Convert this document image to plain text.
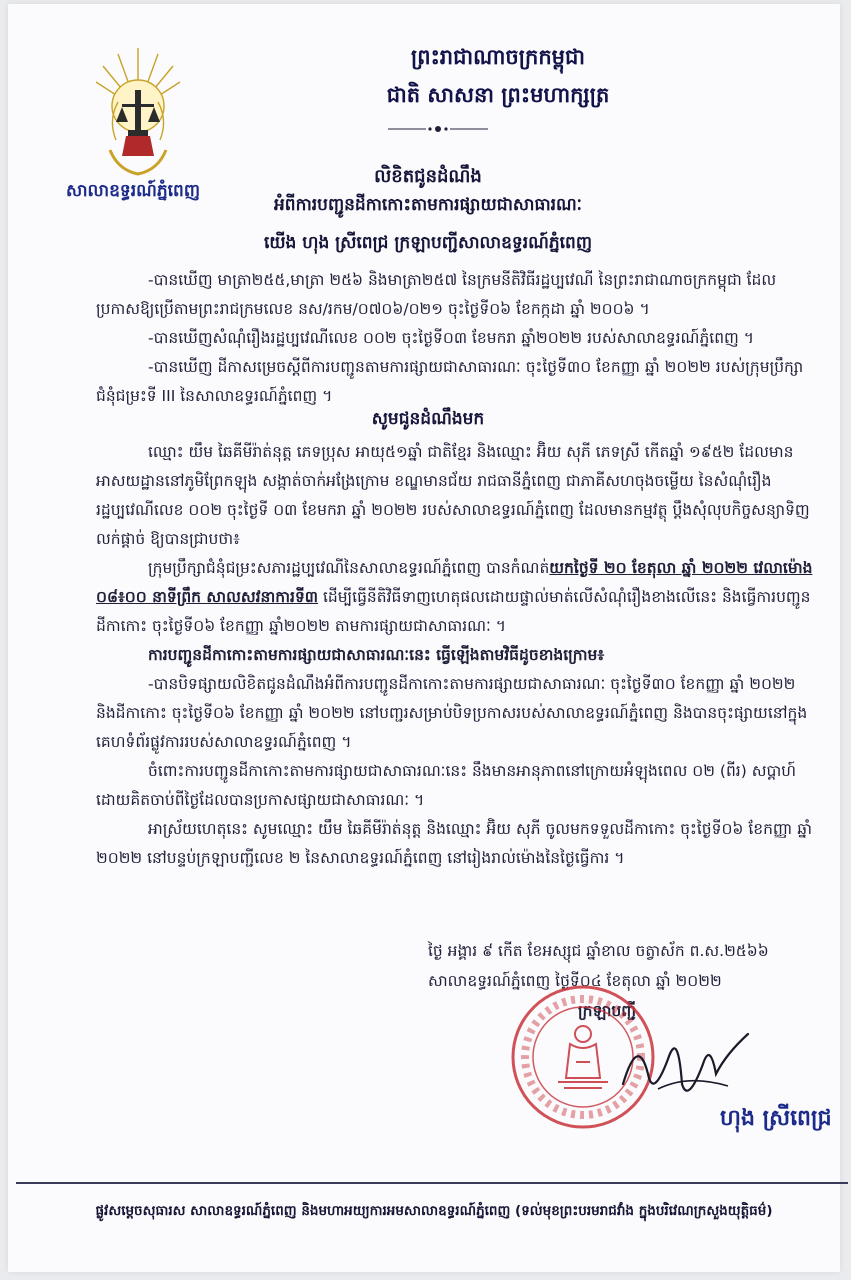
សាលាឧទ្ធរណ៍ភ្នំពេញ
ព្រះរាជាណាចក្រកម្ពុជា
ជាតិ សាសនា ព្រះមហាក្សត្រ
លិខិតជូនដំណឹង
អំពីការបញ្ជូនដីកាកោះតាមការផ្សាយជាសាធារណៈ
យើង ហុង ស្រីពេជ្រ ក្រឡាបញ្ជីសាលាឧទ្ធរណ៍ភ្នំពេញ

-បានឃើញ មាត្រា២៥៥,មាត្រា ២៥៦ និងមាត្រា២៥៧ នៃក្រមនីតិវិធីរដ្ឋប្បវេណី នៃព្រះរាជាណាចក្រកម្ពុជា ដែលប្រកាសឱ្យប្រើតាមព្រះរាជក្រមលេខ នស/រកម/០៧០៦/០២១ ចុះថ្ងៃទី០៦ ខែកក្កដា ឆ្នាំ ២០០៦ ។

-បានឃើញសំណុំរឿងរដ្ឋប្បវេណីលេខ ០០២ ចុះថ្ងៃទី០៣ ខែមករា ឆ្នាំ២០២២ របស់សាលាឧទ្ធរណ៍ភ្នំពេញ ។

-បានឃើញ ដីកាសម្រេចស្ដីពីការបញ្ជូនតាមការផ្សាយជាសាធារណៈ ចុះថ្ងៃទី៣០ ខែកញ្ញា ឆ្នាំ ២០២២ របស់ក្រុមប្រឹក្សាជំនុំជម្រះទី III នៃសាលាឧទ្ធរណ៍ភ្នំពេញ ។

សូមជូនដំណឹងមក

ឈ្មោះ យឹម ឆៃគីមីរ៉ាត់នុត្ត ភេទប្រុស អាយុ៥១ឆ្នាំ ជាតិខ្មែរ និងឈ្មោះ អ៊ិយ សុភី ភេទស្រី កើតឆ្នាំ ១៩៥២ ដែលមានអាសយដ្ឋាននៅភូមិព្រែកឡុង សង្កាត់ចាក់អង្រែក្រោម ខណ្ឌមានជ័យ រាជធានីភ្នំពេញ ជាភាគីសហចុងចម្លើយ នៃសំណុំរឿងរដ្ឋប្បវេណីលេខ ០០២ ចុះថ្ងៃទី ០៣ ខែមករា ឆ្នាំ ២០២២ របស់សាលាឧទ្ធរណ៍ភ្នំពេញ ដែលមានកម្មវត្ថុ ប្ដឹងសុំលុបកិច្ចសន្យាទិញលក់ផ្ដាច់ ឱ្យបានជ្រាបថា៖

ក្រុមប្រឹក្សាជំនុំជម្រះសភារដ្ឋប្បវេណីនៃសាលាឧទ្ធរណ៍ភ្នំពេញ បានកំណត់យកថ្ងៃទី ២០ ខែតុលា ឆ្នាំ ២០២២ វេលាម៉ោង ០៨៖០០ នាទីព្រឹក សាលសវនាការទី៣ ដើម្បីធ្វើនីតិវិធីទាញហេតុផលដោយផ្ទាល់មាត់លើសំណុំរឿងខាងលើនេះ និងធ្វើការបញ្ជូនដីកាកោះ ចុះថ្ងៃទី០៦ ខែកញ្ញា ឆ្នាំ២០២២ តាមការផ្សាយជាសាធារណៈ ។

ការបញ្ជូនដីកាកោះតាមការផ្សាយជាសាធារណៈនេះ ធ្វើឡើងតាមវិធីដូចខាងក្រោម៖

-បានបិទផ្សាយលិខិតជូនដំណឹងអំពីការបញ្ជូនដីកាកោះតាមការផ្សាយជាសាធារណៈ ចុះថ្ងៃទី៣០ ខែកញ្ញា ឆ្នាំ ២០២២ និងដីកាកោះ ចុះថ្ងៃទី០៦ ខែកញ្ញា ឆ្នាំ ២០២២ នៅបញ្ជរសម្រាប់បិទប្រកាសរបស់សាលាឧទ្ធរណ៍ភ្នំពេញ និងបានចុះផ្សាយនៅក្នុងគេហទំព័រផ្លូវការរបស់សាលាឧទ្ធរណ៍ភ្នំពេញ ។

ចំពោះការបញ្ជូនដីកាកោះតាមការផ្សាយជាសាធារណៈនេះ នឹងមានអានុភាពនៅក្រោយអំឡុងពេល ០២ (ពីរ) សប្ដាហ៍ ដោយគិតចាប់ពីថ្ងៃដែលបានប្រកាសផ្សាយជាសាធារណៈ ។

អាស្រ័យហេតុនេះ សូមឈ្មោះ យឹម ឆៃគីមីរ៉ាត់នុត្ត និងឈ្មោះ អ៊ិយ សុភី ចូលមកទទួលដីកាកោះ ចុះថ្ងៃទី០៦ ខែកញ្ញា ឆ្នាំ ២០២២ នៅបន្ទប់ក្រឡាបញ្ជីលេខ ២ នៃសាលាឧទ្ធរណ៍ភ្នំពេញ នៅរៀងរាល់ម៉ោងនៃថ្ងៃធ្វើការ ។

ថ្ងៃ អង្គារ ៩ កើត ខែអស្សុជ ឆ្នាំខាល ចត្វាស័ក ព.ស.២៥៦៦
សាលាឧទ្ធរណ៍ភ្នំពេញ ថ្ងៃទី០៤ ខែតុលា ឆ្នាំ ២០២២
ក្រឡាបញ្ជី
ហុង ស្រីពេជ្រ
ផ្លូវសម្ដេចសុធារស សាលាឧទ្ធរណ៍ភ្នំពេញ និងមហាអយ្យការអមសាលាឧទ្ធរណ៍ភ្នំពេញ (ទល់មុខព្រះបរមរាជវាំង ក្នុងបរិវេណក្រសួងយុត្តិធម៌)
